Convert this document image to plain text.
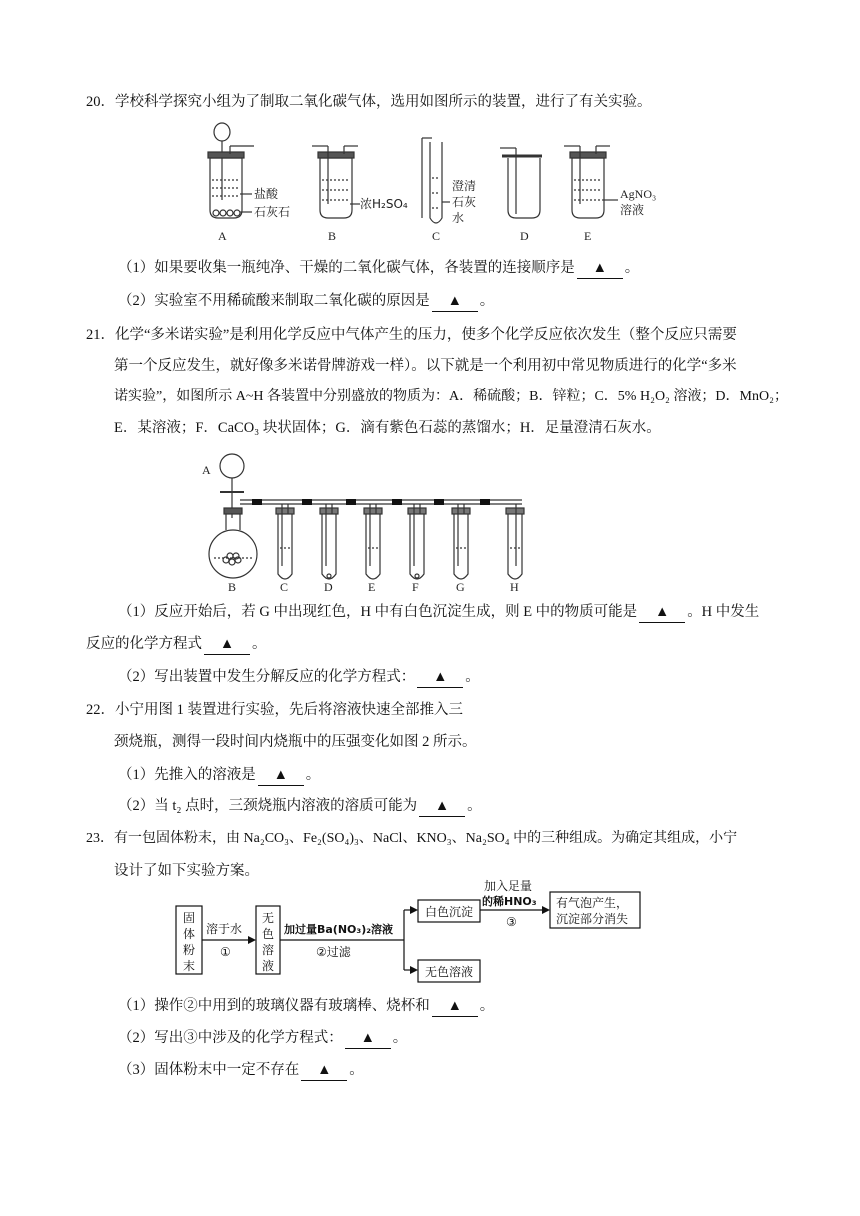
20．学校科学探究小组为了制取二氧化碳气体，选用如图所示的装置，进行了有关实验。
盐酸
石灰石
A
浓H₂SO₄
B
澄清
石灰
水
C	D
AgNO₃
溶液
E
（1）如果要收集一瓶纯净、干燥的二氧化碳气体，各装置的连接顺序是 ▲ 。
（2）实验室不用稀硫酸来制取二氧化碳的原因是 ▲ 。
21．化学“多米诺实验”是利用化学反应中气体产生的压力，使多个化学反应依次发生（整个反应只需要
第一个反应发生，就好像多米诺骨牌游戏一样）。以下就是一个利用初中常见物质进行的化学“多米
诺实验”，如图所示 A~H 各装置中分别盛放的物质为：A．稀硫酸；B．锌粒；C．5% H₂O₂ 溶液；D．MnO₂；
E．某溶液；F．CaCO₃ 块状固体；G．滴有紫色石蕊的蒸馏水；H．足量澄清石灰水。
A
B	C	D	E	F	G	H
（1）反应开始后，若 G 中出现红色，H 中有白色沉淀生成，则 E 中的物质可能是 ▲ 。H 中发生
反应的化学方程式 ▲ 。
（2）写出装置中发生分解反应的化学方程式： ▲ 。
22．小宁用图 1 装置进行实验，先后将溶液快速全部推入三
颈烧瓶，测得一段时间内烧瓶中的压强变化如图 2 所示。
（1）先推入的溶液是 ▲ 。
（2）当 t₂ 点时，三颈烧瓶内溶液的溶质可能为 ▲ 。
23．有一包固体粉末，由 Na₂CO₃、Fe₂(SO₄)₃、NaCl、KNO₃、Na₂SO₄ 中的三种组成。为确定其组成，小宁
设计了如下实验方案。
固
体
粉
末
溶于水
①
无
色
溶
液
加过量Ba(NO₃)₂溶液
②过滤
白色沉淀
加入足量
的稀HNO₃
③
有气泡产生，
沉淀部分消失
无色溶液
（1）操作②中用到的玻璃仪器有玻璃棒、烧杯和 ▲ 。
（2）写出③中涉及的化学方程式： ▲ 。
（3）固体粉末中一定不存在 ▲ 。
